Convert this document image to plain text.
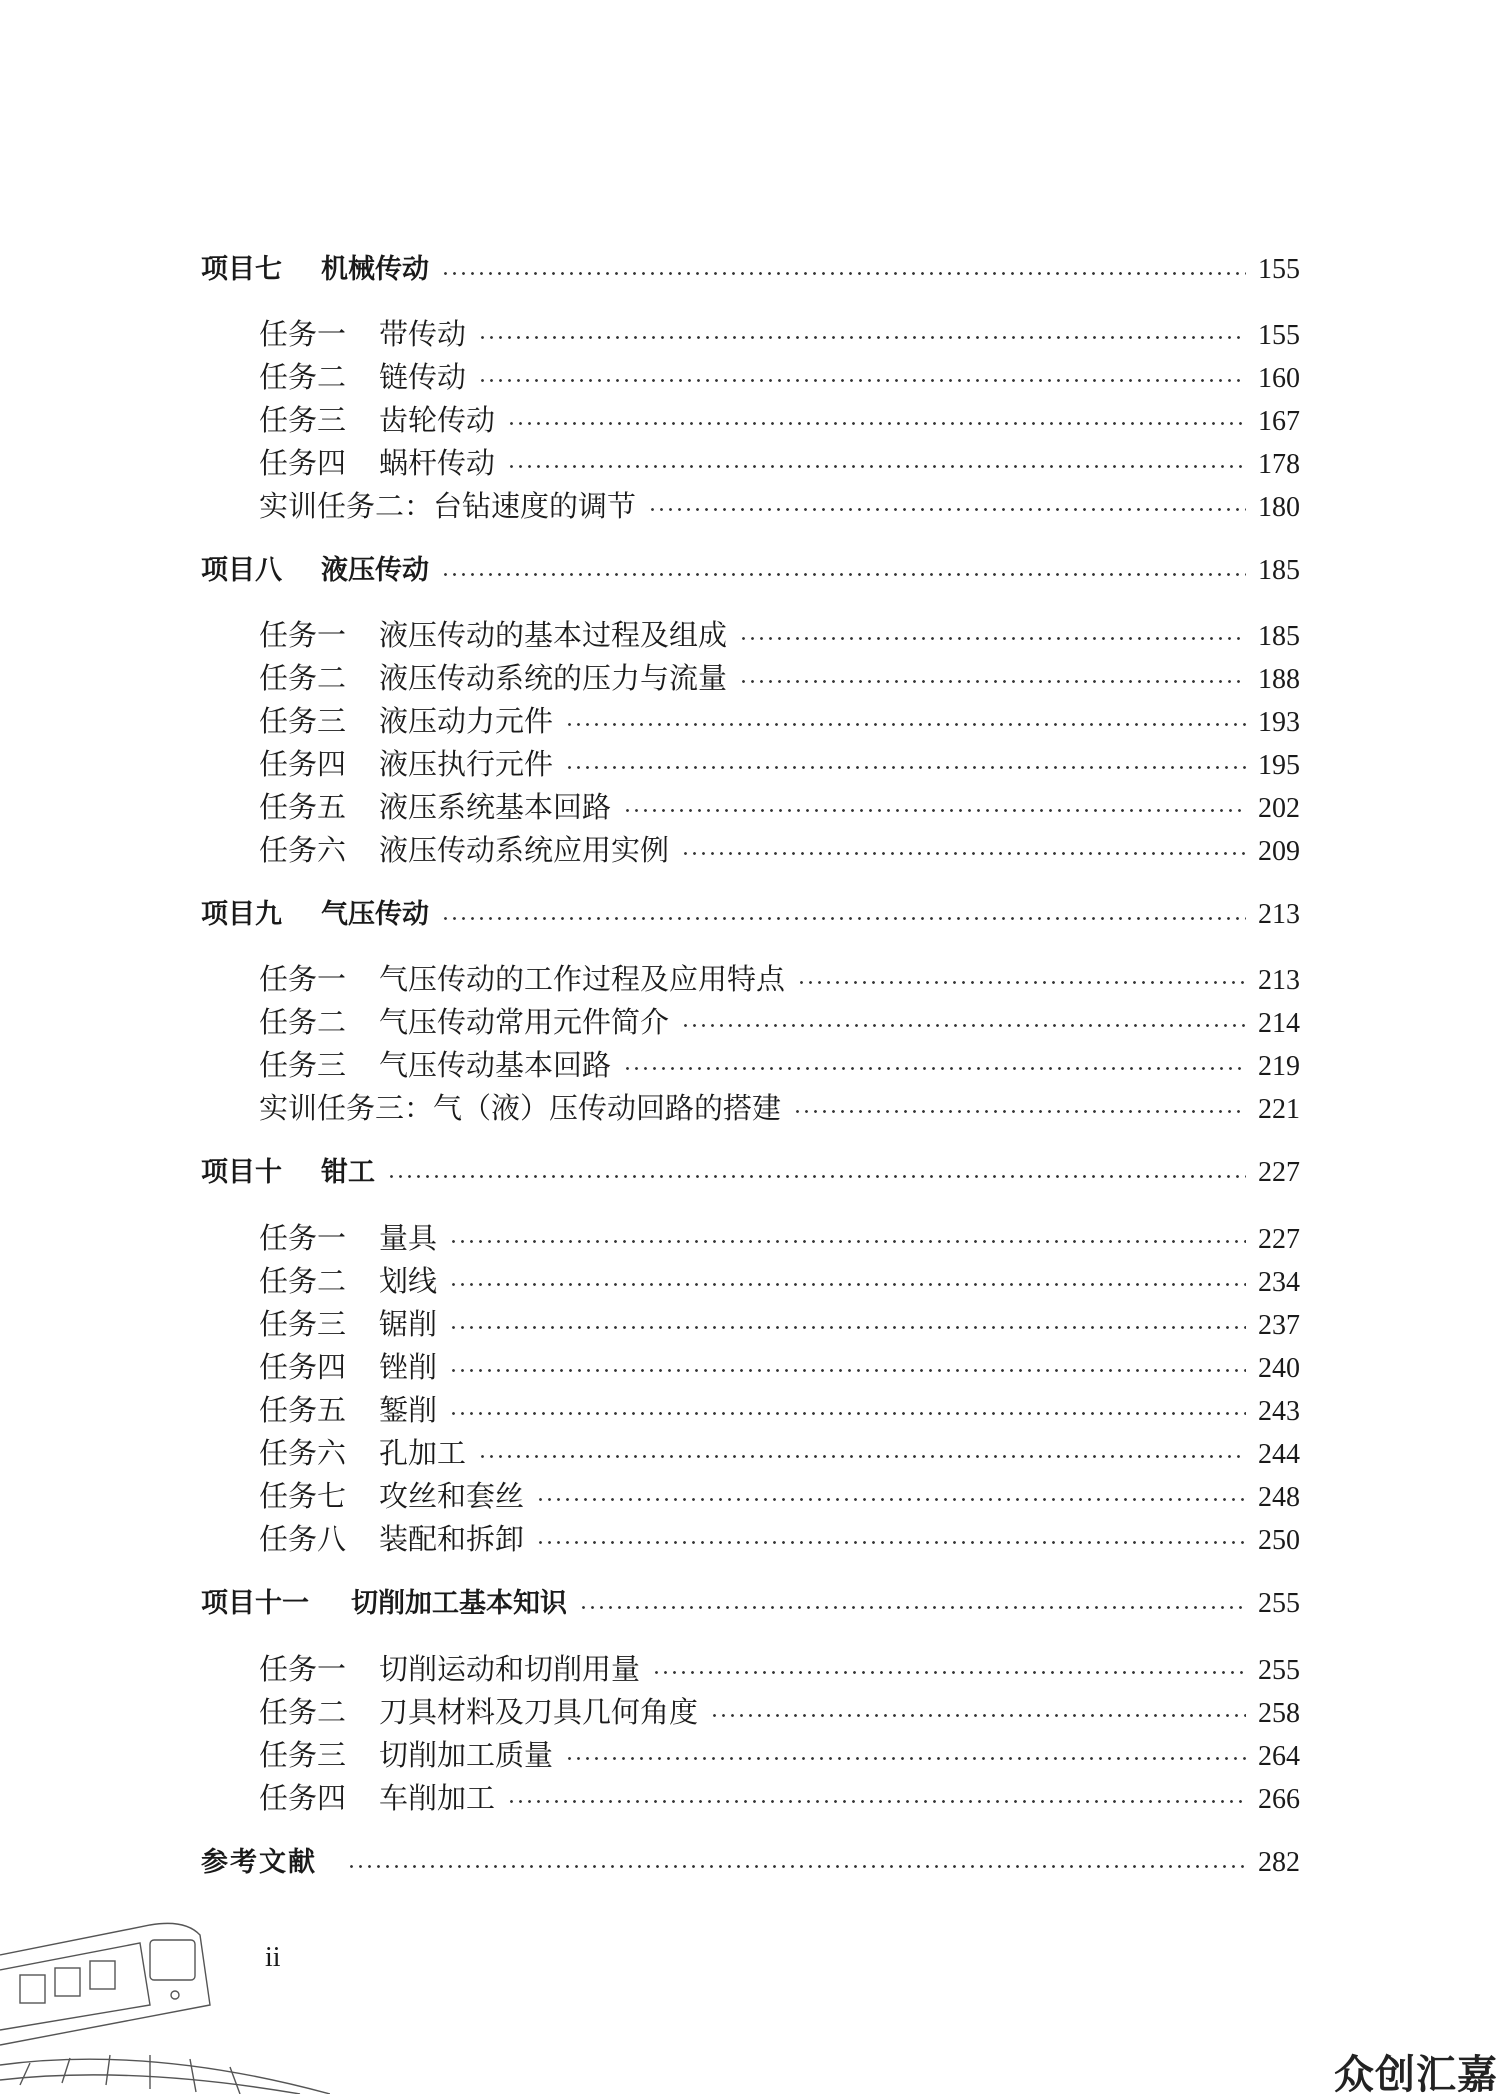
项目七 机械传动	155
任务一 带传动	155
任务二 链传动	160
任务三 齿轮传动	167
任务四 蜗杆传动	178
实训任务二：台钻速度的调节	180
项目八 液压传动	185
任务一 液压传动的基本过程及组成	185
任务二 液压传动系统的压力与流量	188
任务三 液压动力元件	193
任务四 液压执行元件	195
任务五 液压系统基本回路	202
任务六 液压传动系统应用实例	209
项目九 气压传动	213
任务一 气压传动的工作过程及应用特点	213
任务二 气压传动常用元件简介	214
任务三 气压传动基本回路	219
实训任务三：气（液）压传动回路的搭建	221
项目十 钳工	227
任务一 量具	227
任务二 划线	234
任务三 锯削	237
任务四 锉削	240
任务五 錾削	243
任务六 孔加工	244
任务七 攻丝和套丝	248
任务八 装配和拆卸	250
项目十一 切削加工基本知识	255
任务一 切削运动和切削用量	255
任务二 刀具材料及刀具几何角度	258
任务三 切削加工质量	264
任务四 车削加工	266
参考文献	282
ii
众创汇嘉
